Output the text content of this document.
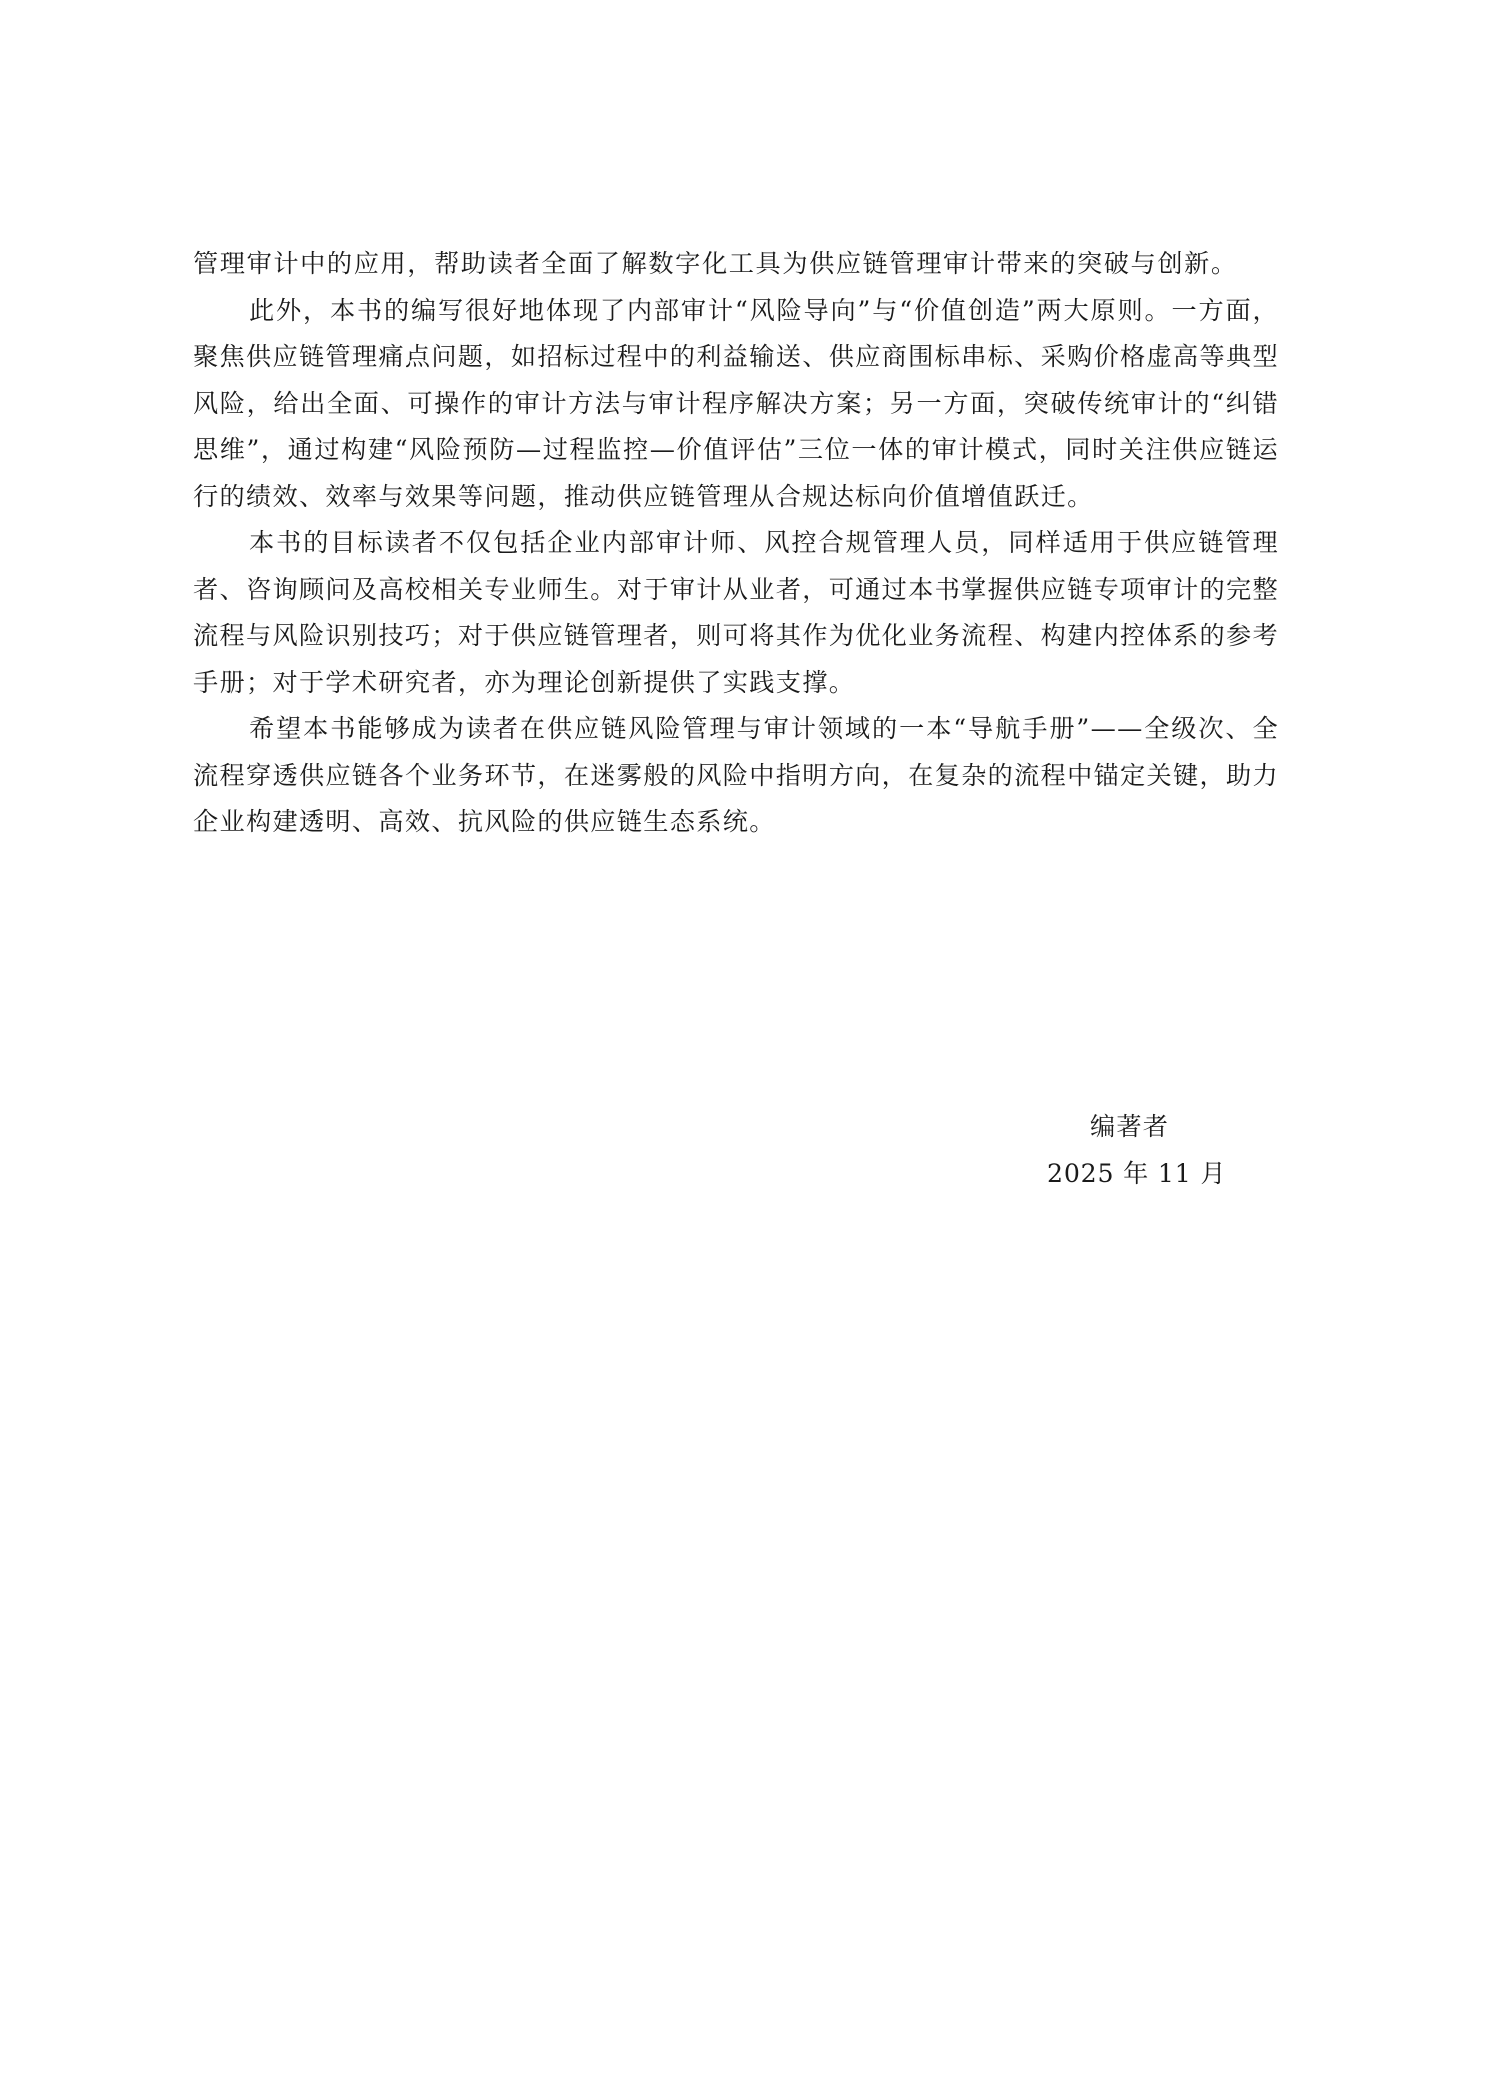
管理审计中的应用，帮助读者全面了解数字化工具为供应链管理审计带来的突破与创新。

此外，本书的编写很好地体现了内部审计“风险导向”与“价值创造”两大原则。一方面，聚焦供应链管理痛点问题，如招标过程中的利益输送、供应商围标串标、采购价格虚高等典型风险，给出全面、可操作的审计方法与审计程序解决方案；另一方面，突破传统审计的“纠错思维”，通过构建“风险预防—过程监控—价值评估”三位一体的审计模式，同时关注供应链运行的绩效、效率与效果等问题，推动供应链管理从合规达标向价值增值跃迁。

本书的目标读者不仅包括企业内部审计师、风控合规管理人员，同样适用于供应链管理者、咨询顾问及高校相关专业师生。对于审计从业者，可通过本书掌握供应链专项审计的完整流程与风险识别技巧；对于供应链管理者，则可将其作为优化业务流程、构建内控体系的参考手册；对于学术研究者，亦为理论创新提供了实践支撑。

希望本书能够成为读者在供应链风险管理与审计领域的一本“导航手册”——全级次、全流程穿透供应链各个业务环节，在迷雾般的风险中指明方向，在复杂的流程中锚定关键，助力企业构建透明、高效、抗风险的供应链生态系统。

编著者
2025 年 11 月
